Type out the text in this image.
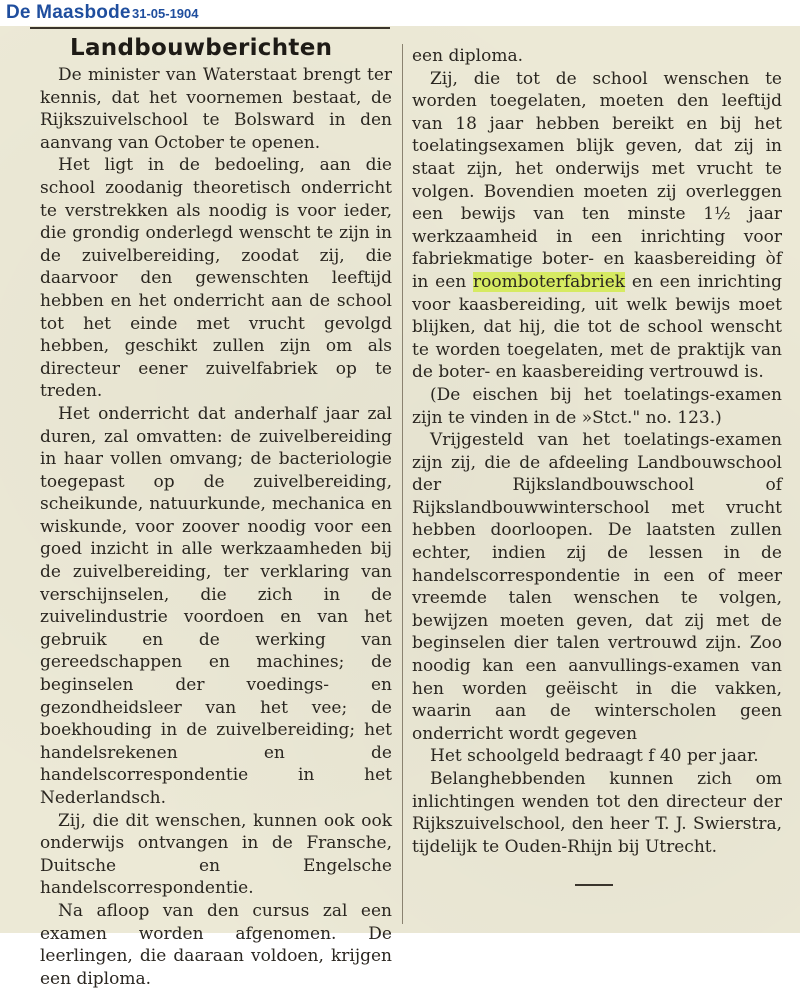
De Maasbode 31-05-1904
Landbouwberichten

De minister van Waterstaat brengt ter kennis, dat het voornemen bestaat, de Rijkszuivelschool te Bolsward in den aanvang van October te openen.

Het ligt in de bedoeling, aan die school zoodanig theoretisch onderricht te verstrekken als noodig is voor ieder, die grondig onderlegd wenscht te zijn in de zuivelbereiding, zoodat zij, die daarvoor den gewenschten leeftijd hebben en het onderricht aan de school tot het einde met vrucht gevolgd hebben, geschikt zullen zijn om als directeur eener zuivelfabriek op te treden.

Het onderricht dat anderhalf jaar zal duren, zal omvatten: de zuivelbereiding in haar vollen omvang; de bacteriologie toegepast op de zuivelbereiding, scheikunde, natuurkunde, mechanica en wiskunde, voor zoover noodig voor een goed inzicht in alle werkzaamheden bij de zuivelbereiding, ter verklaring van verschijnselen, die zich in de zuivelindustrie voordoen en van het gebruik en de werking van gereedschappen en machines; de beginselen der voedings- en gezondheidsleer van het vee; de boekhouding in de zuivelbereiding; het handelsrekenen en de handelscorrespondentie in het Nederlandsch.

Zij, die dit wenschen, kunnen ook ook onderwijs ontvangen in de Fransche, Duitsche en Engelsche handelscorrespondentie.

Na afloop van den cursus zal een examen worden afgenomen. De leerlingen, die daaraan voldoen, krijgen een diploma.

een diploma.

Zij, die tot de school wenschen te worden toegelaten, moeten den leeftijd van 18 jaar hebben bereikt en bij het toelatingsexamen blijk geven, dat zij in staat zijn, het onderwijs met vrucht te volgen. Bovendien moeten zij overleggen een bewijs van ten minste 1½ jaar werkzaamheid in een inrichting voor fabriekmatige boter- en kaasbereiding òf in een roomboterfabriek en een inrichting voor kaasbereiding, uit welk bewijs moet blijken, dat hij, die tot de school wenscht te worden toegelaten, met de praktijk van de boter- en kaasbereiding vertrouwd is.

(De eischen bij het toelatings-examen zijn te vinden in de »Stct." no. 123.)

Vrijgesteld van het toelatings-examen zijn zij, die de afdeeling Landbouwschool der Rijkslandbouwschool of Rijkslandbouwwinterschool met vrucht hebben doorloopen. De laatsten zullen echter, indien zij de lessen in de handelscorrespondentie in een of meer vreemde talen wenschen te volgen, bewijzen moeten geven, dat zij met de beginselen dier talen vertrouwd zijn. Zoo noodig kan een aanvullings-examen van hen worden geëischt in die vakken, waarin aan de winterscholen geen onderricht wordt gegeven

Het schoolgeld bedraagt f 40 per jaar.

Belanghebbenden kunnen zich om inlichtingen wenden tot den directeur der Rijkszuivelschool, den heer T. J. Swierstra, tijdelijk te Ouden-Rhijn bij Utrecht.
